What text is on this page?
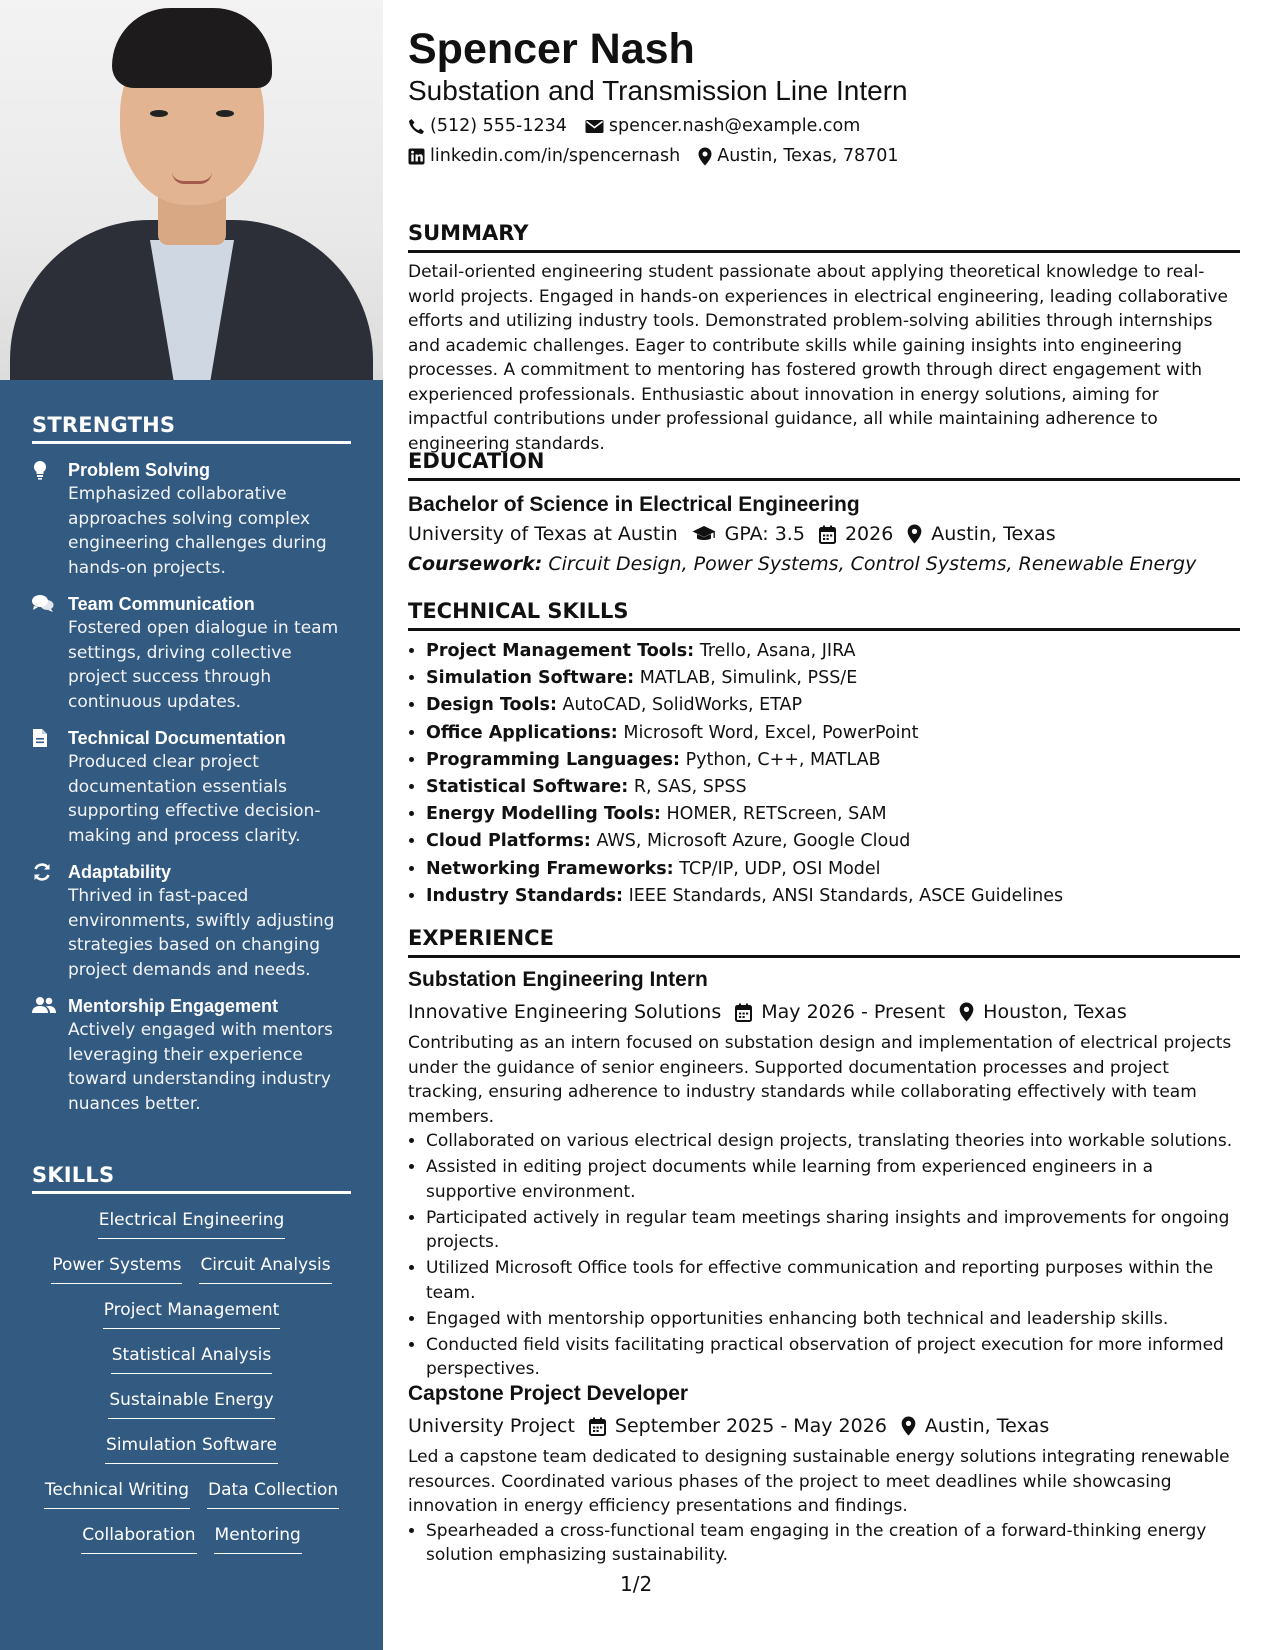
STRENGTHS
Problem Solving
Emphasized collaborative approaches solving complex engineering challenges during hands-on projects.
Team Communication
Fostered open dialogue in team settings, driving collective project success through continuous updates.
Technical Documentation
Produced clear project documentation essentials supporting effective decision-making and process clarity.
Adaptability
Thrived in fast-paced environments, swiftly adjusting strategies based on changing project demands and needs.
Mentorship Engagement
Actively engaged with mentors leveraging their experience toward understanding industry nuances better.
SKILLS
Electrical Engineering
Power Systems Circuit Analysis
Project Management
Statistical Analysis
Sustainable Energy
Simulation Software
Technical Writing Data Collection
Collaboration Mentoring
Spencer Nash

Substation and Transmission Line Intern

(512) 555-1234 spencer.nash@example.com
linkedin.com/in/spencernash Austin, Texas, 78701
SUMMARY

Detail-oriented engineering student passionate about applying theoretical knowledge to real-world projects. Engaged in hands-on experiences in electrical engineering, leading collaborative efforts and utilizing industry tools. Demonstrated problem-solving abilities through internships and academic challenges. Eager to contribute skills while gaining insights into engineering processes. A commitment to mentoring has fostered growth through direct engagement with experienced professionals. Enthusiastic about innovation in energy solutions, aiming for impactful contributions under professional guidance, all while maintaining adherence to engineering standards.

EDUCATION
Bachelor of Science in Electrical Engineering
University of Texas at Austin GPA: 3.5 2026 Austin, Texas
Coursework: Circuit Design, Power Systems, Control Systems, Renewable Energy
TECHNICAL SKILLS
• Project Management Tools: Trello, Asana, JIRA
• Simulation Software: MATLAB, Simulink, PSS/E
• Design Tools: AutoCAD, SolidWorks, ETAP
• Office Applications: Microsoft Word, Excel, PowerPoint
• Programming Languages: Python, C++, MATLAB
• Statistical Software: R, SAS, SPSS
• Energy Modelling Tools: HOMER, RETScreen, SAM
• Cloud Platforms: AWS, Microsoft Azure, Google Cloud
• Networking Frameworks: TCP/IP, UDP, OSI Model
• Industry Standards: IEEE Standards, ANSI Standards, ASCE Guidelines
EXPERIENCE
Substation Engineering Intern
Innovative Engineering Solutions May 2026 - Present Houston, Texas

Contributing as an intern focused on substation design and implementation of electrical projects under the guidance of senior engineers. Supported documentation processes and project tracking, ensuring adherence to industry standards while collaborating effectively with team members.

• Collaborated on various electrical design projects, translating theories into workable solutions.
• Assisted in editing project documents while learning from experienced engineers in a supportive environment.
• Participated actively in regular team meetings sharing insights and improvements for ongoing projects.
• Utilized Microsoft Office tools for effective communication and reporting purposes within the team.
• Engaged with mentorship opportunities enhancing both technical and leadership skills.
• Conducted field visits facilitating practical observation of project execution for more informed perspectives.
Capstone Project Developer
University Project September 2025 - May 2026 Austin, Texas

Led a capstone team dedicated to designing sustainable energy solutions integrating renewable resources. Coordinated various phases of the project to meet deadlines while showcasing innovation in energy efficiency presentations and findings.

• Spearheaded a cross-functional team engaging in the creation of a forward-thinking energy solution emphasizing sustainability.
1/2
